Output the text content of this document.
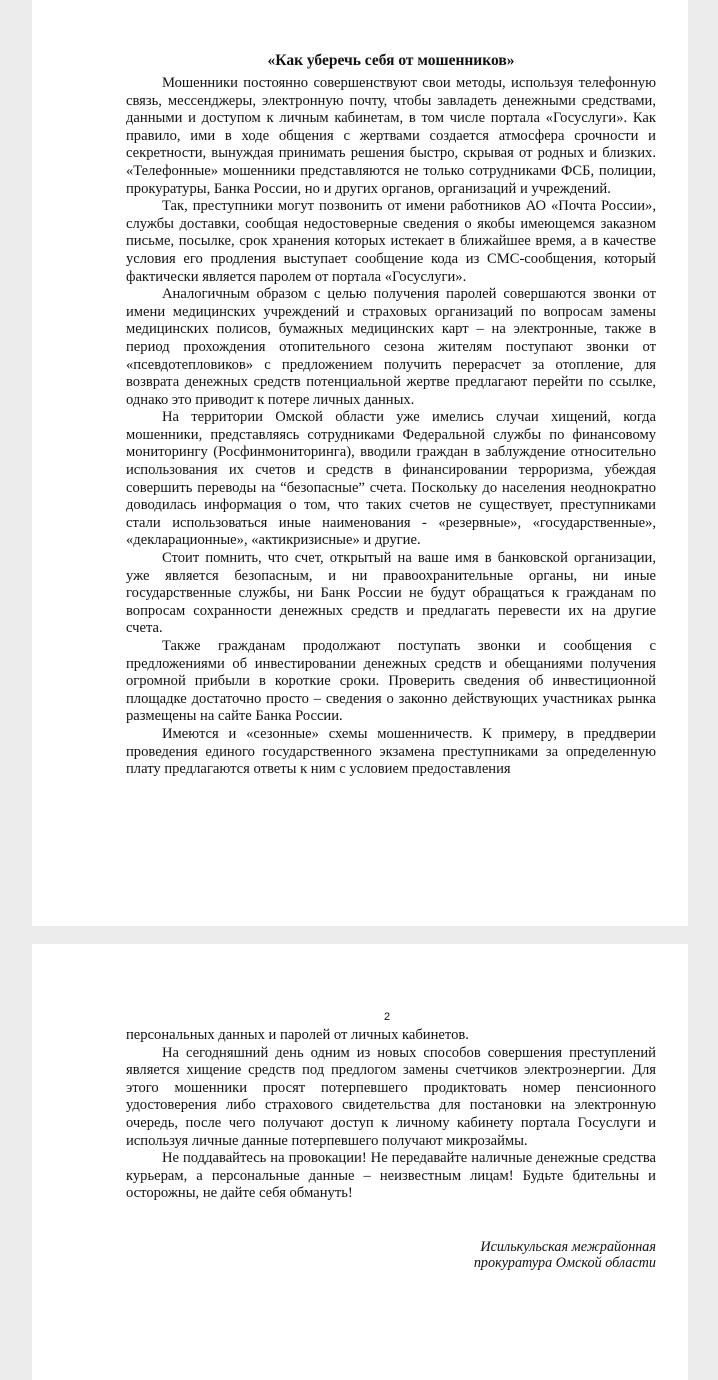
«Как уберечь себя от мошенников»

Мошенники постоянно совершенствуют свои методы, используя телефонную связь, мессенджеры, электронную почту, чтобы завладеть денежными средствами, данными и доступом к личным кабинетам, в том числе портала «Госуслуги». Как правило, ими в ходе общения с жертвами создается атмосфера срочности и секретности, вынуждая принимать решения быстро, скрывая от родных и близких. «Телефонные» мошенники представляются не только сотрудниками ФСБ, полиции, прокуратуры, Банка России, но и других органов, организаций и учреждений.

Так, преступники могут позвонить от имени работников АО «Почта России», службы доставки, сообщая недостоверные сведения о якобы имеющемся заказном письме, посылке, срок хранения которых истекает в ближайшее время, а в качестве условия его продления выступает сообщение кода из СМС-сообщения, который фактически является паролем от портала «Госуслуги».

Аналогичным образом с целью получения паролей совершаются звонки от имени медицинских учреждений и страховых организаций по вопросам замены медицинских полисов, бумажных медицинских карт – на электронные, также в период прохождения отопительного сезона жителям поступают звонки от «псевдотепловиков» с предложением получить перерасчет за отопление, для возврата денежных средств потенциальной жертве предлагают перейти по ссылке, однако это приводит к потере личных данных.

На территории Омской области уже имелись случаи хищений, когда мошенники, представляясь сотрудниками Федеральной службы по финансовому мониторингу (Росфинмониторинга), вводили граждан в заблуждение относительно использования их счетов и средств в финансировании терроризма, убеждая совершить переводы на “безопасные” счета. Поскольку до населения неоднократно доводилась информация о том, что таких счетов не существует, преступниками стали использоваться иные наименования - «резервные», «государственные», «декларационные», «актикризисные» и другие.

Стоит помнить, что счет, открытый на ваше имя в банковской организации, уже является безопасным, и ни правоохранительные органы, ни иные государственные службы, ни Банк России не будут обращаться к гражданам по вопросам сохранности денежных средств и предлагать перевести их на другие счета.

Также гражданам продолжают поступать звонки и сообщения с предложениями об инвестировании денежных средств и обещаниями получения огромной прибыли в короткие сроки. Проверить сведения об инвестиционной площадке достаточно просто – сведения о законно действующих участниках рынка размещены на сайте Банка России.

Имеются и «сезонные» схемы мошенничеств. К примеру, в преддверии проведения единого государственного экзамена преступниками за определенную плату предлагаются ответы к ним с условием предоставления

2

персональных данных и паролей от личных кабинетов.

На сегодняшний день одним из новых способов совершения преступлений является хищение средств под предлогом замены счетчиков электроэнергии. Для этого мошенники просят потерпевшего продиктовать номер пенсионного удостоверения либо страхового свидетельства для постановки на электронную очередь, после чего получают доступ к личному кабинету портала Госуслуги и используя личные данные потерпевшего получают микрозаймы.

Не поддавайтесь на провокации! Не передавайте наличные денежные средства курьерам, а персональные данные – неизвестным лицам! Будьте бдительны и осторожны, не дайте себя обмануть!

Исилькульская межрайонная
прокуратура Омской области
